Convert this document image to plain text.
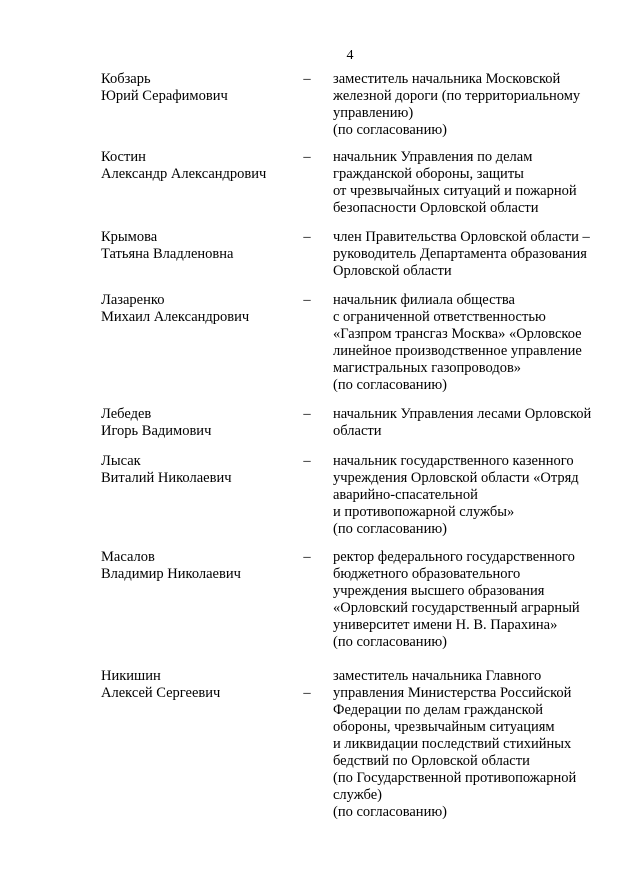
4
Кобзарь
Юрий Серафимович
– заместитель начальника Московской
железной дороги (по территориальному
управлению)
(по согласованию)
Костин
Александр Александрович
– начальник Управления по делам
гражданской обороны, защиты
от чрезвычайных ситуаций и пожарной
безопасности Орловской области
Крымова
Татьяна Владленовна
– член Правительства Орловской области –
руководитель Департамента образования
Орловской области
Лазаренко
Михаил Александрович
– начальник филиала общества
с ограниченной ответственностью
«Газпром трансгаз Москва» «Орловское
линейное производственное управление
магистральных газопроводов»
(по согласованию)
Лебедев
Игорь Вадимович
– начальник Управления лесами Орловской
области
Лысак
Виталий Николаевич
– начальник государственного казенного
учреждения Орловской области «Отряд
аварийно-спасательной
и противопожарной службы»
(по согласованию)
Масалов
Владимир Николаевич
– ректор федерального государственного
бюджетного образовательного
учреждения высшего образования
«Орловский государственный аграрный
университет имени Н. В. Парахина»
(по согласованию)
Никишин
Алексей Сергеевич	–
заместитель начальника Главного
управления Министерства Российской
Федерации по делам гражданской
обороны, чрезвычайным ситуациям
и ликвидации последствий стихийных
бедствий по Орловской области
(по Государственной противопожарной
службе)
(по согласованию)
